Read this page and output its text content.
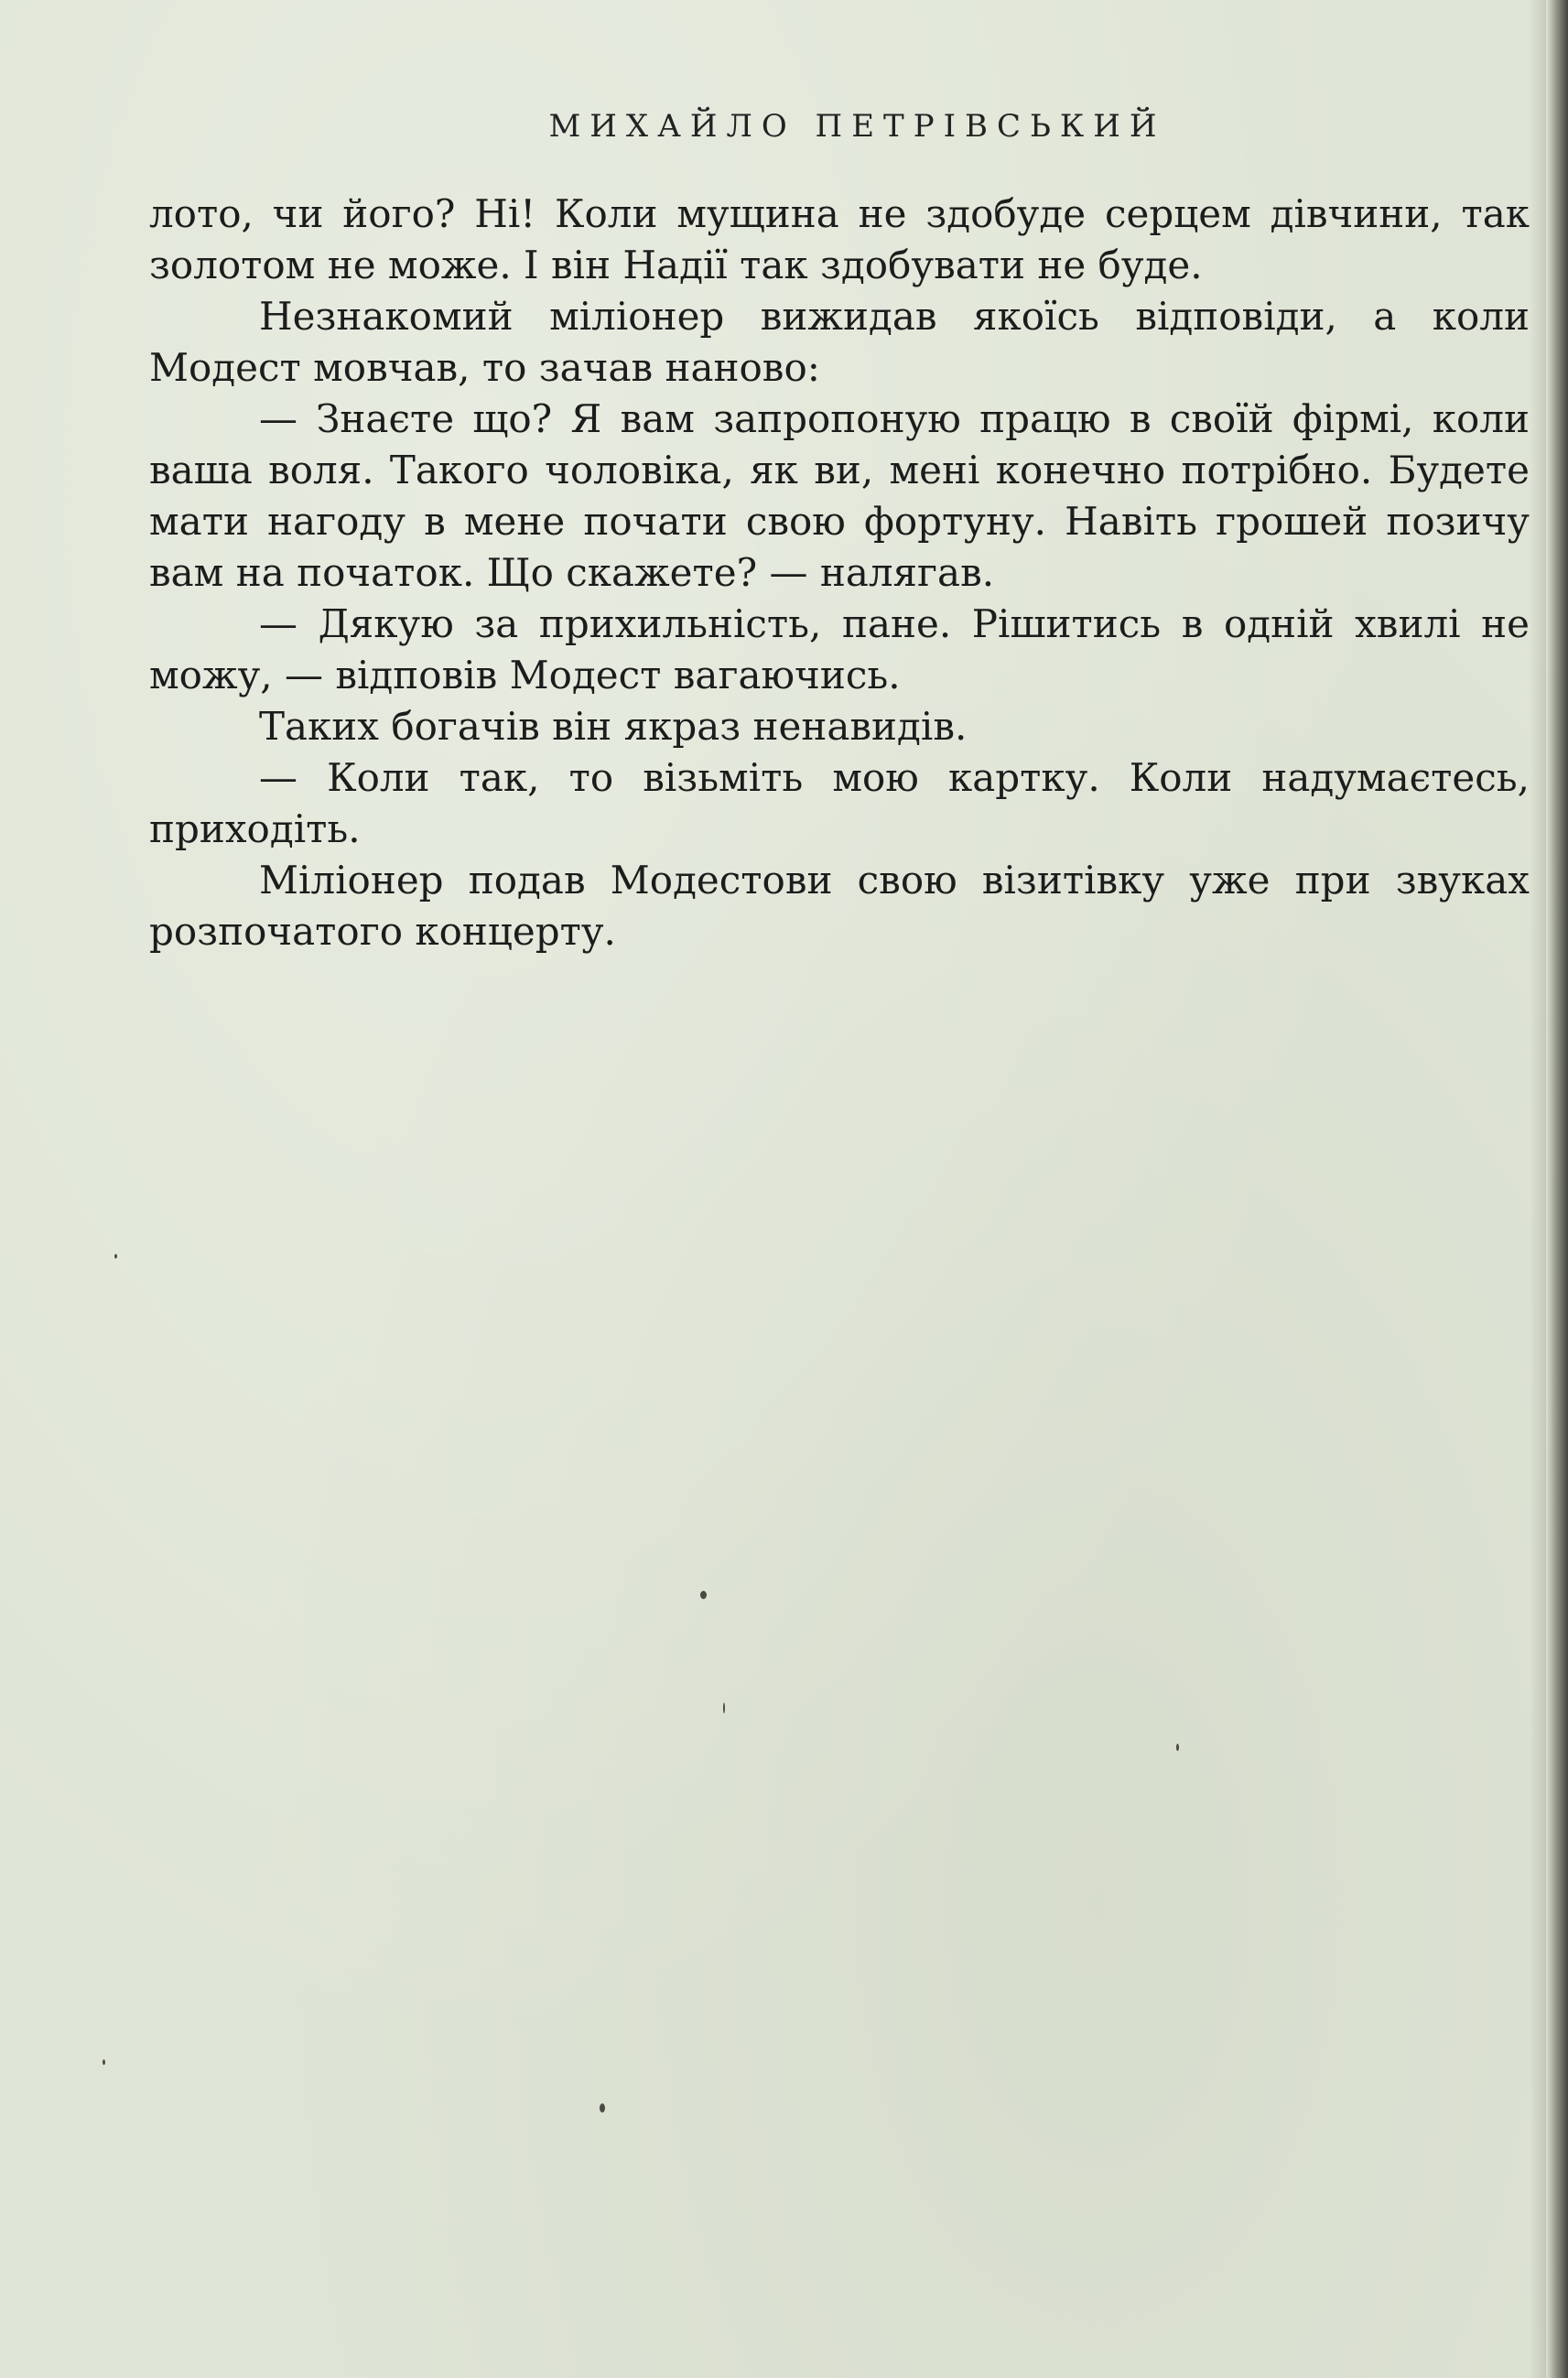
МИХАЙЛО ПЕТРІВСЬКИЙ

лото, чи його? Ні! Коли мущина не здобуде серцем дівчини, так золотом не може. І він Надії так здобувати не буде.

Незнакомий міліонер вижидав якоїсь відповіди, а коли Модест мовчав, то зачав наново:

— Знаєте що? Я вам запропоную працю в своїй фірмі, коли ваша воля. Такого чоловіка, як ви, мені конечно потрібно. Будете мати нагоду в мене почати свою фортуну. Навіть грошей позичу вам на початок. Що скажете? — налягав.

— Дякую за прихильність, пане. Рішитись в одній хвилі не можу, — відповів Модест вагаючись.

Таких богачів він якраз ненавидів.

— Коли так, то візьміть мою картку. Коли надумаєтесь, приходіть.

Міліонер подав Модестови свою візитівку уже при звуках розпочатого концерту.
